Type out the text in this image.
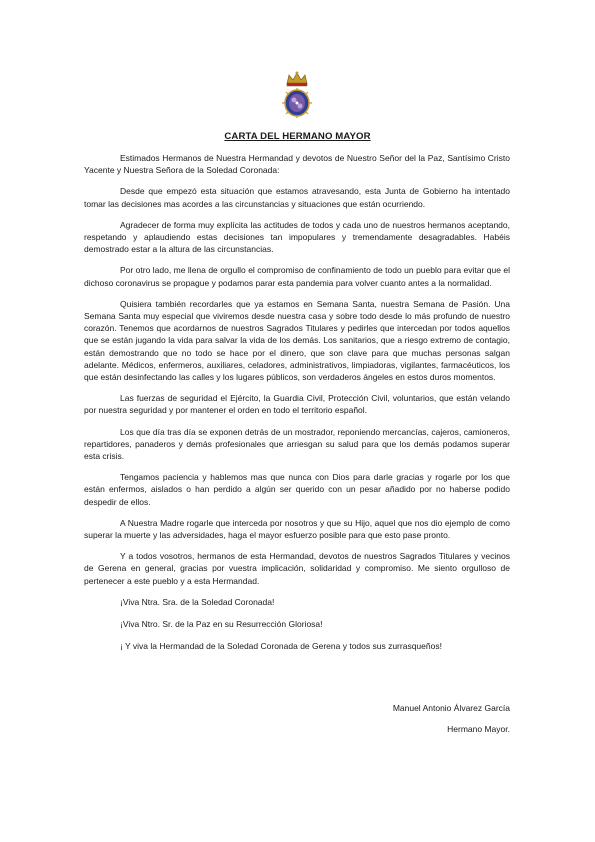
CARTA DEL HERMANO MAYOR

Estimados Hermanos de Nuestra Hermandad y devotos de Nuestro Señor del la Paz, Santísimo Cristo Yacente y Nuestra Señora de la Soledad Coronada:

Desde que empezó esta situación que estamos atravesando, esta Junta de Gobierno ha intentado tomar las decisiones mas acordes a las circunstancias y situaciones que están ocurriendo.

Agradecer de forma muy explícita las actitudes de todos y cada uno de nuestros hermanos aceptando, respetando y aplaudiendo estas decisiones tan impopulares y tremendamente desagradables. Habéis demostrado estar a la altura de las circunstancias.

Por otro lado, me llena de orgullo el compromiso de confinamiento de todo un pueblo para evitar que el dichoso coronavirus se propague y podamos parar esta pandemia para volver cuanto antes a la normalidad.

Quisiera también recordarles que ya estamos en Semana Santa, nuestra Semana de Pasión. Una Semana Santa muy especial que viviremos desde nuestra casa y sobre todo desde lo más profundo de nuestro corazón. Tenemos que acordarnos de nuestros Sagrados Titulares y pedirles que intercedan por todos aquellos que se están jugando la vida para salvar la vida de los demás. Los sanitarios, que a riesgo extremo de contagio, están demostrando que no todo se hace por el dinero, que son clave para que muchas personas salgan adelante. Médicos, enfermeros, auxiliares, celadores, administrativos, limpiadoras, vigilantes, farmacéuticos, los que están desinfectando las calles y los lugares públicos, son verdaderos ángeles en estos duros momentos.

Las fuerzas de seguridad el Ejército, la Guardia Civil, Protección Civil, voluntarios, que están velando por nuestra seguridad y por mantener el orden en todo el territorio español.

Los que día tras día se exponen detrás de un mostrador, reponiendo mercancías, cajeros, camioneros, repartidores, panaderos y demás profesionales que arriesgan su salud para que los demás podamos superar esta crisis.

Tengamos paciencia y hablemos mas que nunca con Dios para darle gracias y rogarle por los que están enfermos, aislados o han perdido a algún ser querido con un pesar añadido por no haberse podido despedir de ellos.

A Nuestra Madre rogarle que interceda por nosotros y que su Hijo, aquel que nos dio ejemplo de como superar la muerte y las adversidades, haga el mayor esfuerzo posible para que esto pase pronto.

Y a todos vosotros, hermanos de esta Hermandad, devotos de nuestros Sagrados Titulares y vecinos de Gerena en general, gracias por vuestra implicación, solidaridad y compromiso. Me siento orgulloso de pertenecer a este pueblo y a esta Hermandad.

¡Viva Ntra. Sra. de la Soledad Coronada!

¡Viva Ntro. Sr. de la Paz en su Resurrección Gloriosa!

¡ Y viva la Hermandad de la Soledad Coronada de Gerena y todos sus zurrasqueños!

Manuel Antonio Álvarez García
Hermano Mayor.
